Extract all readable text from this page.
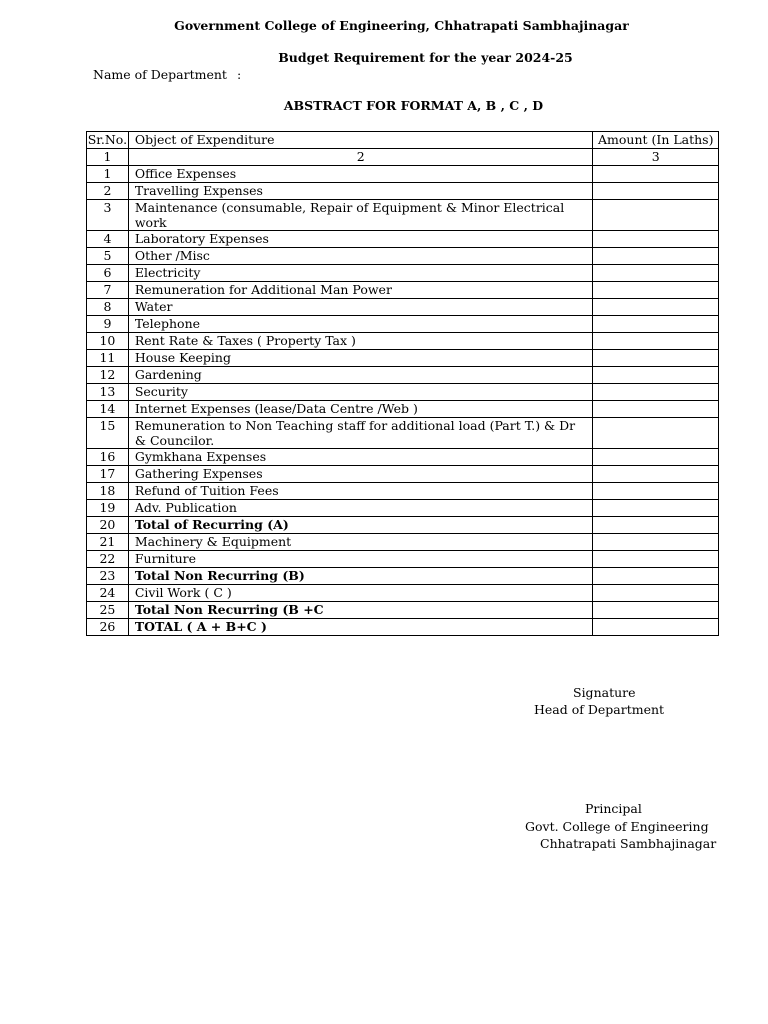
Government College of Engineering, Chhatrapati Sambhajinagar
Budget Requirement for the year 2024-25
Name of Department :
ABSTRACT FOR FORMAT A, B , C , D
Sr.No.	Object of Expenditure	Amount (In Laths)
1	2	3
1	Office Expenses	
2	Travelling Expenses	
3	Maintenance (consumable, Repair of Equipment & Minor Electrical work	
4	Laboratory Expenses	
5	Other /Misc	
6	Electricity	
7	Remuneration for Additional Man Power	
8	Water	
9	Telephone	
10	Rent Rate & Taxes ( Property Tax )	
11	House Keeping	
12	Gardening	
13	Security	
14	Internet Expenses (lease/Data Centre /Web )	
15	Remuneration to Non Teaching staff for additional load (Part T.) & Dr & Councilor.	
16	Gymkhana Expenses	
17	Gathering Expenses	
18	Refund of Tuition Fees	
19	Adv. Publication	
20	Total of Recurring (A)	
21	Machinery & Equipment	
22	Furniture	
23	Total Non Recurring (B)	
24	Civil Work ( C )	
25	Total Non Recurring (B +C	
26	TOTAL ( A + B+C )	
Signature
Head of Department
Principal
Govt. College of Engineering
Chhatrapati Sambhajinagar
